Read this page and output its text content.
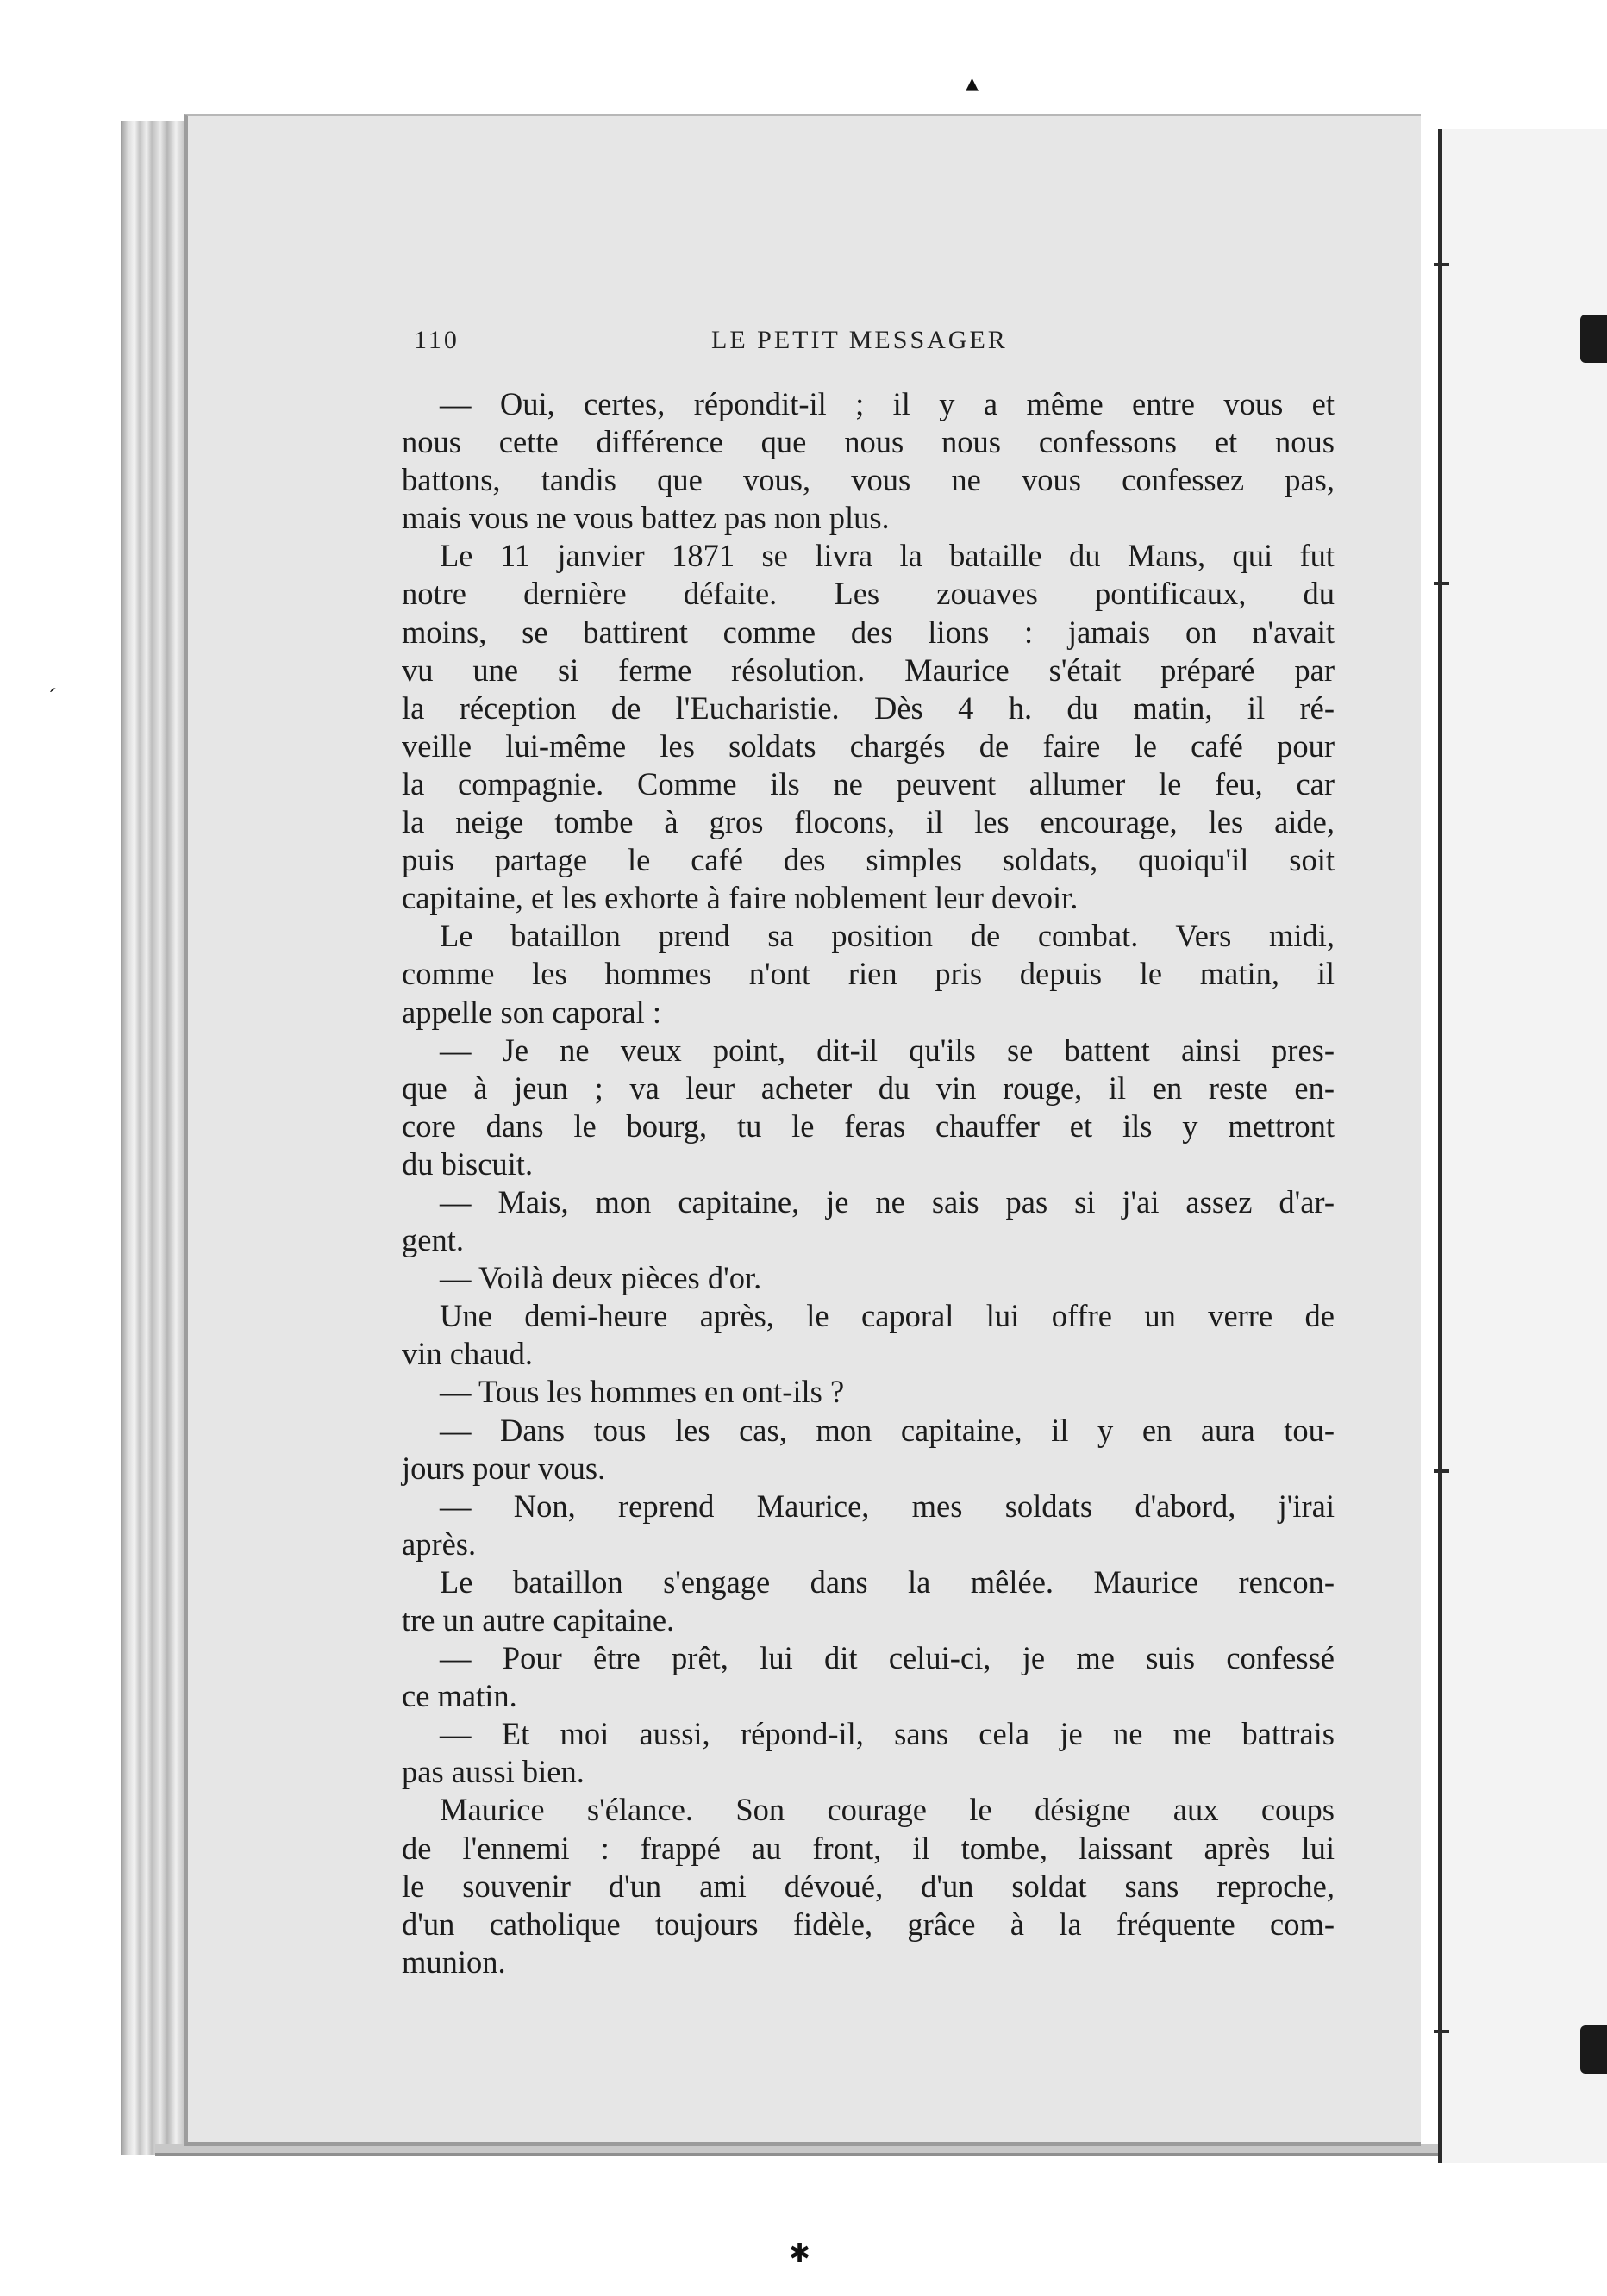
▴
ˊ
✱
110	LE PETIT MESSAGER
— Oui, certes, répondit-il ; il y a même entre vous et
nous cette différence que nous nous confessons et nous
battons, tandis que vous, vous ne vous confessez pas,
mais vous ne vous battez pas non plus.
Le 11 janvier 1871 se livra la bataille du Mans, qui fut
notre dernière défaite. Les zouaves pontificaux, du
moins, se battirent comme des lions : jamais on n'avait
vu une si ferme résolution. Maurice s'était préparé par
la réception de l'Eucharistie. Dès 4 h. du matin, il ré-
veille lui-même les soldats chargés de faire le café pour
la compagnie. Comme ils ne peuvent allumer le feu, car
la neige tombe à gros flocons, il les encourage, les aide,
puis partage le café des simples soldats, quoiqu'il soit
capitaine, et les exhorte à faire noblement leur devoir.
Le bataillon prend sa position de combat. Vers midi,
comme les hommes n'ont rien pris depuis le matin, il
appelle son caporal :
— Je ne veux point, dit-il qu'ils se battent ainsi pres-
que à jeun ; va leur acheter du vin rouge, il en reste en-
core dans le bourg, tu le feras chauffer et ils y mettront
du biscuit.
— Mais, mon capitaine, je ne sais pas si j'ai assez d'ar-
gent.
— Voilà deux pièces d'or.
Une demi-heure après, le caporal lui offre un verre de
vin chaud.
— Tous les hommes en ont-ils ?
— Dans tous les cas, mon capitaine, il y en aura tou-
jours pour vous.
— Non, reprend Maurice, mes soldats d'abord, j'irai
après.
Le bataillon s'engage dans la mêlée. Maurice rencon-
tre un autre capitaine.
— Pour être prêt, lui dit celui-ci, je me suis confessé
ce matin.
— Et moi aussi, répond-il, sans cela je ne me battrais
pas aussi bien.
Maurice s'élance. Son courage le désigne aux coups
de l'ennemi : frappé au front, il tombe, laissant après lui
le souvenir d'un ami dévoué, d'un soldat sans reproche,
d'un catholique toujours fidèle, grâce à la fréquente com-
munion.
